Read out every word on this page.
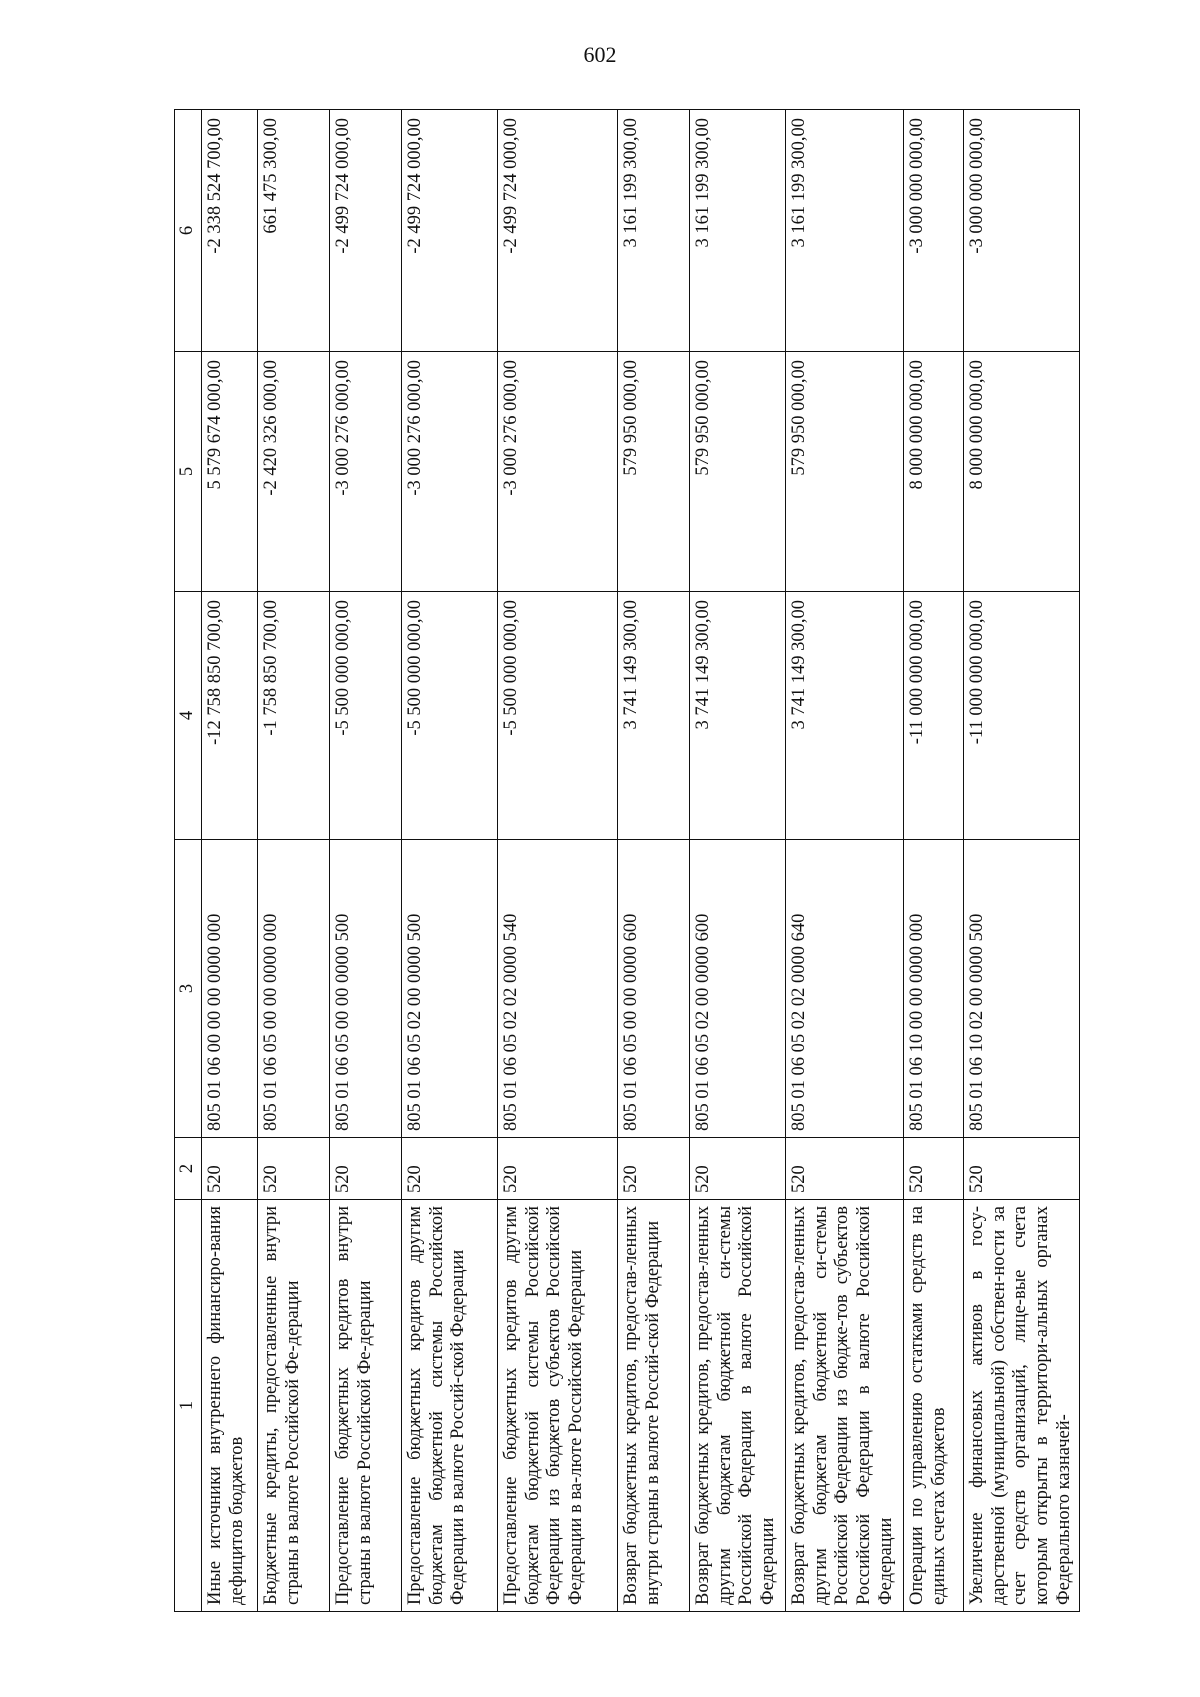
602
1	2	3	4	5	6
Иные источники внутреннего финансиро-вания дефицитов бюджетов	520	805 01 06 00 00 00 0000 000	-12 758 850 700,00	5 579 674 000,00	-2 338 524 700,00
Бюджетные кредиты, предоставленные внутри страны в валюте Российской Фе-дерации	520	805 01 06 05 00 00 0000 000	-1 758 850 700,00	-2 420 326 000,00	661 475 300,00
Предоставление бюджетных кредитов внутри страны в валюте Российской Фе-дерации	520	805 01 06 05 00 00 0000 500	-5 500 000 000,00	-3 000 276 000,00	-2 499 724 000,00
Предоставление бюджетных кредитов другим бюджетам бюджетной системы Российской Федерации в валюте Россий-ской Федерации	520	805 01 06 05 02 00 0000 500	-5 500 000 000,00	-3 000 276 000,00	-2 499 724 000,00
Предоставление бюджетных кредитов другим бюджетам бюджетной системы Российской Федерации из бюджетов субъектов Российской Федерации в ва-люте Российской Федерации	520	805 01 06 05 02 02 0000 540	-5 500 000 000,00	-3 000 276 000,00	-2 499 724 000,00
Возврат бюджетных кредитов, предостав-ленных внутри страны в валюте Россий-ской Федерации	520	805 01 06 05 00 00 0000 600	3 741 149 300,00	579 950 000,00	3 161 199 300,00
Возврат бюджетных кредитов, предостав-ленных другим бюджетам бюджетной си-стемы Российской Федерации в валюте Российской Федерации	520	805 01 06 05 02 00 0000 600	3 741 149 300,00	579 950 000,00	3 161 199 300,00
Возврат бюджетных кредитов, предостав-ленных другим бюджетам бюджетной си-стемы Российской Федерации из бюдже-тов субъектов Российской Федерации в валюте Российской Федерации	520	805 01 06 05 02 02 0000 640	3 741 149 300,00	579 950 000,00	3 161 199 300,00
Операции по управлению остатками средств на единых счетах бюджетов	520	805 01 06 10 00 00 0000 000	-11 000 000 000,00	8 000 000 000,00	-3 000 000 000,00
Увеличение финансовых активов в госу-дарственной (муниципальной) собствен-ности за счет средств организаций, лице-вые счета которым открыты в территори-альных органах Федерального казначей-	520	805 01 06 10 02 00 0000 500	-11 000 000 000,00	8 000 000 000,00	-3 000 000 000,00
